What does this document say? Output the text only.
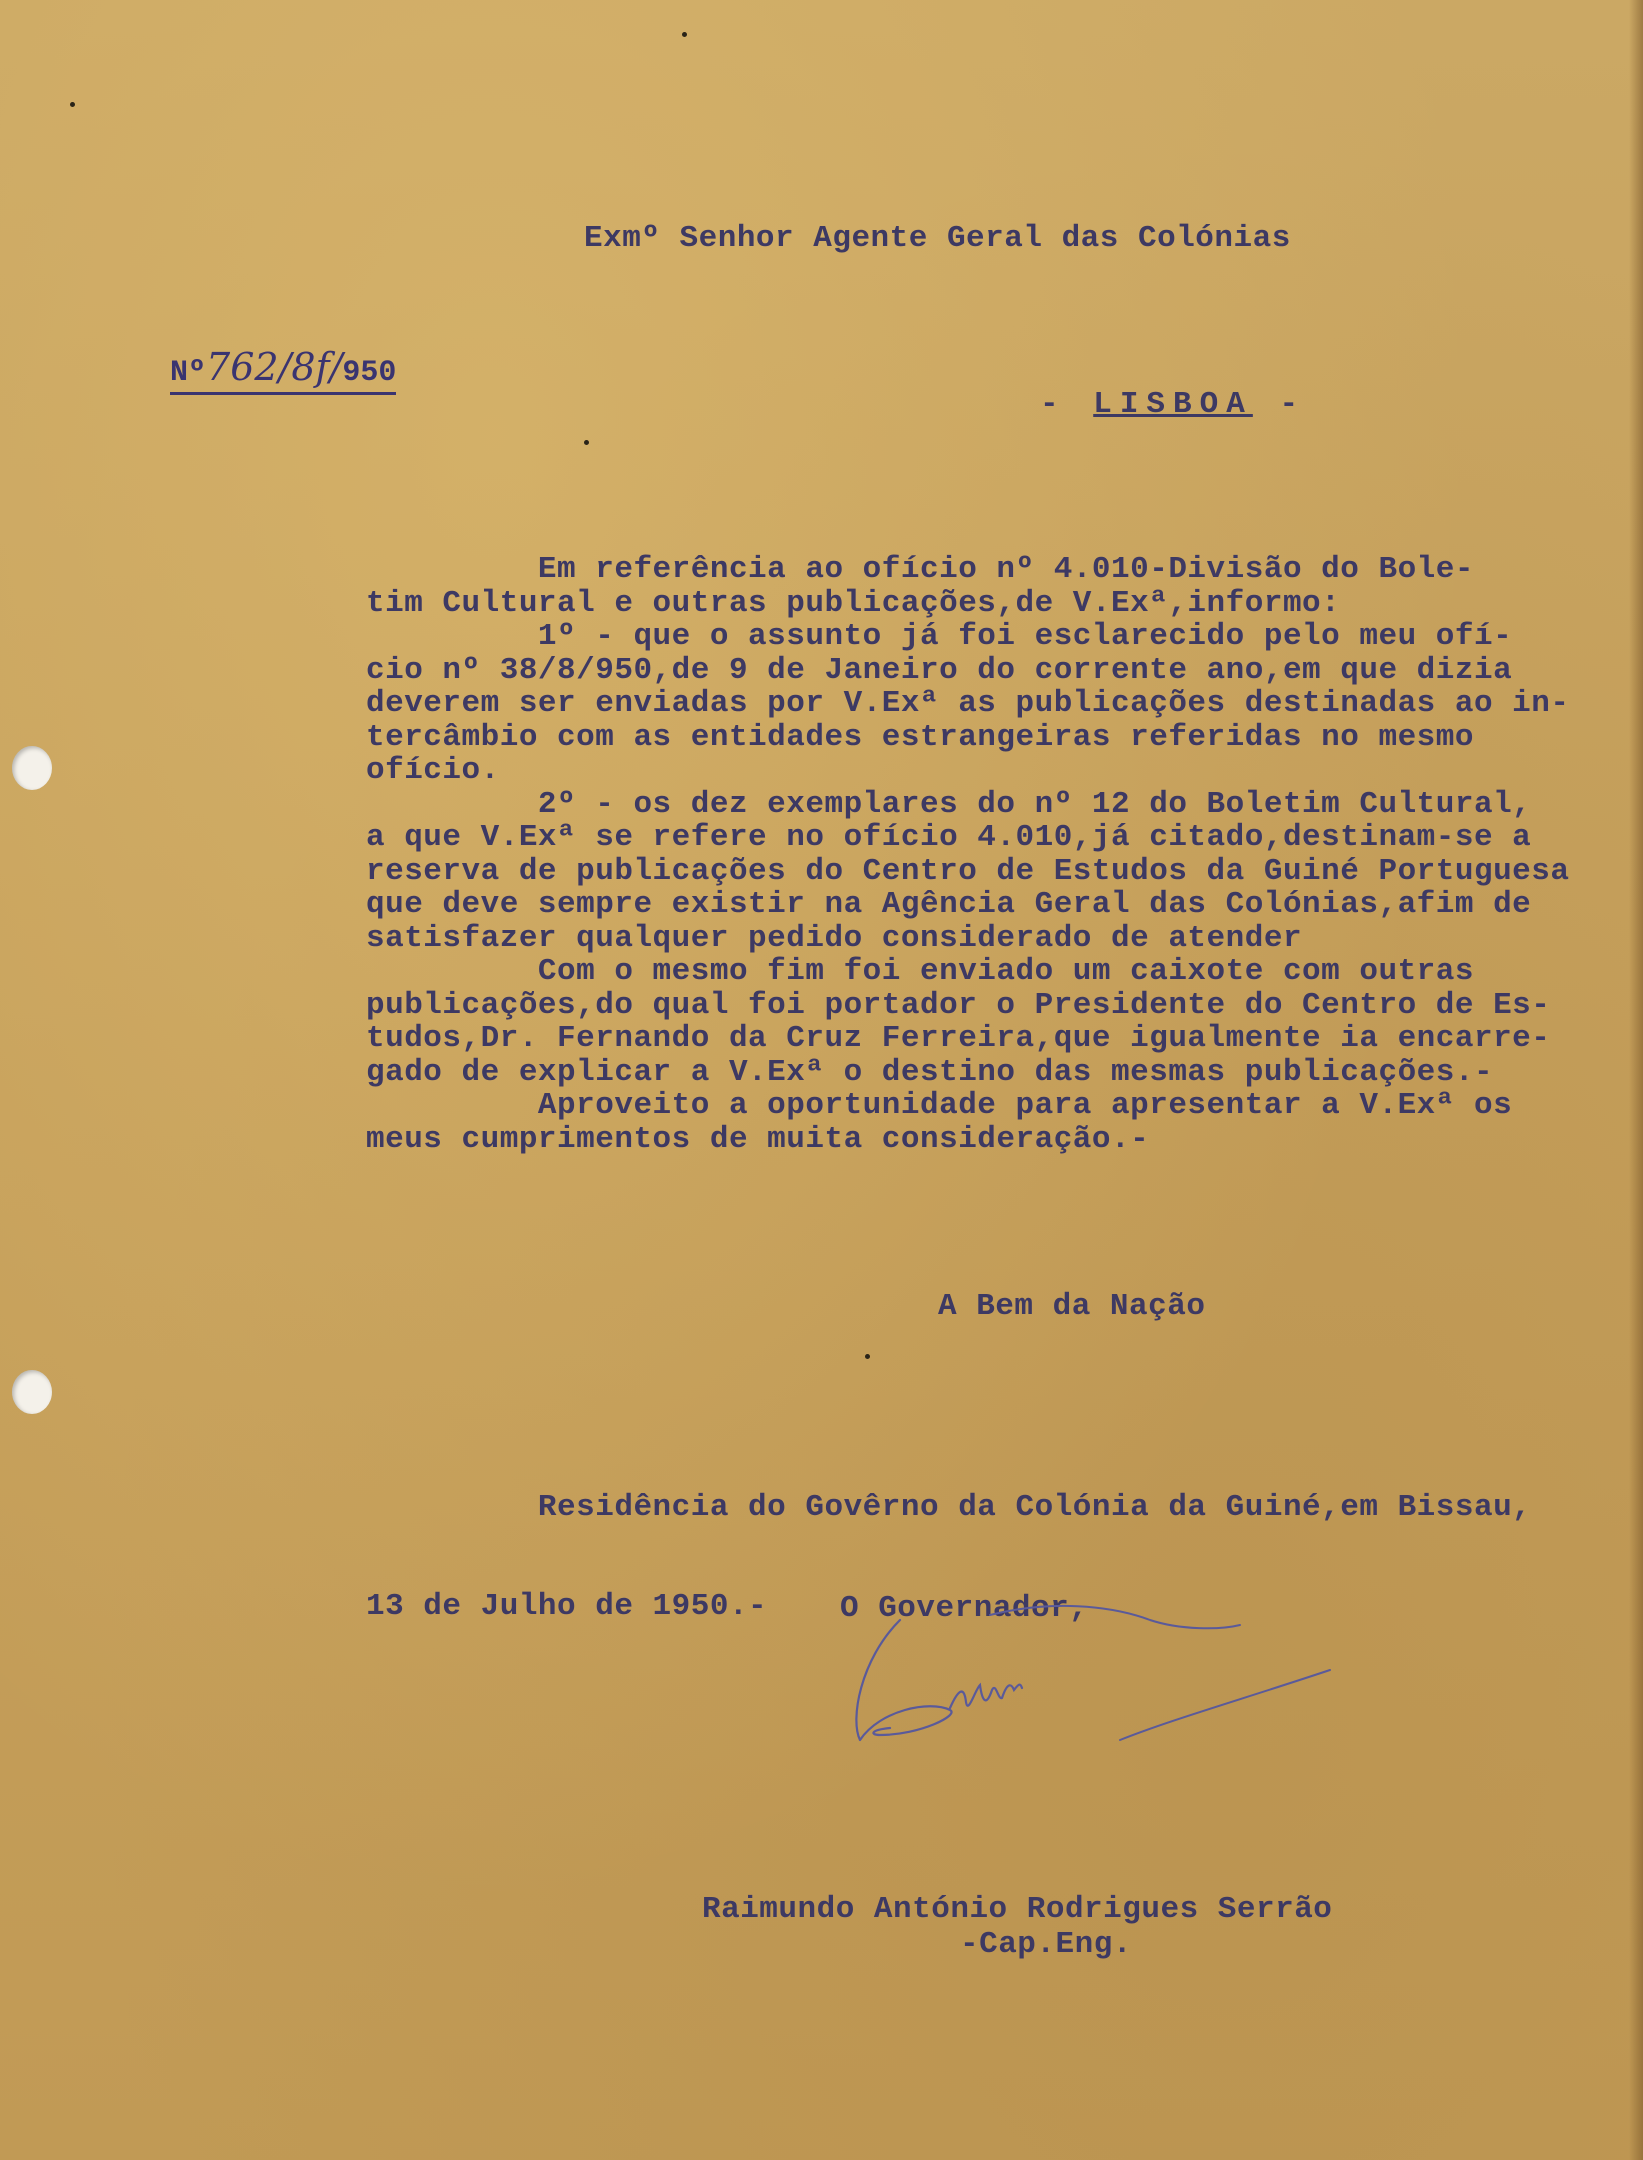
Exmº Senhor Agente Geral das Colónias
Nº762/8f/950
- LISBOA -
Em referência ao ofício nº 4.010-Divisão do Bole-
tim Cultural e outras publicações,de V.Exª,informo:
1º - que o assunto já foi esclarecido pelo meu ofí-
cio nº 38/8/950,de 9 de Janeiro do corrente ano,em que dizia
deverem ser enviadas por V.Exª as publicações destinadas ao in-
tercâmbio com as entidades estrangeiras referidas no mesmo
ofício.
2º - os dez exemplares do nº 12 do Boletim Cultural,
a que V.Exª se refere no ofício 4.010,já citado,destinam-se a
reserva de publicações do Centro de Estudos da Guiné Portuguesa
que deve sempre existir na Agência Geral das Colónias,afim de
satisfazer qualquer pedido considerado de atender
Com o mesmo fim foi enviado um caixote com outras
publicações,do qual foi portador o Presidente do Centro de Es-
tudos,Dr. Fernando da Cruz Ferreira,que igualmente ia encarre-
gado de explicar a V.Exª o destino das mesmas publicações.-
Aproveito a oportunidade para apresentar a V.Exª os
meus cumprimentos de muita consideração.-
A Bem da Nação

Residência do Govêrno da Colónia da Guiné,em Bissau,

13 de Julho de 1950.-

	O Governador,
Raimundo António Rodrigues Serrão
-Cap.Eng.
